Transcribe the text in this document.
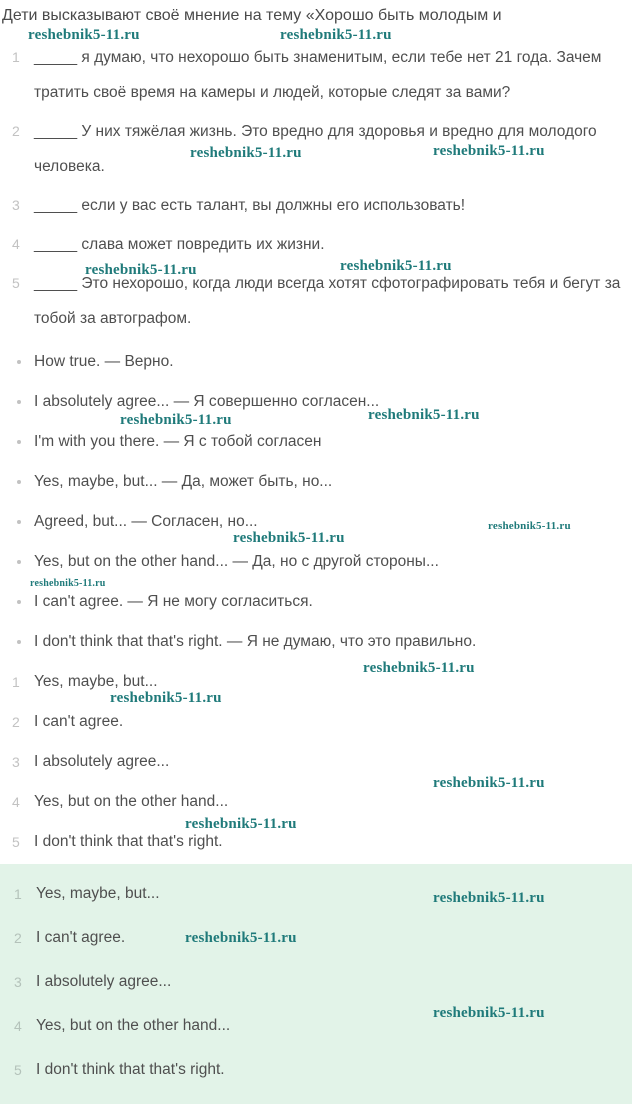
Дети высказывают своё мнение на тему «Хорошо быть молодым и
1 _____ я думаю, что нехорошо быть знаменитым, если тебе нет 21 года. Зачем тратить своё время на камеры и людей, которые следят за вами?
2 _____ У них тяжёлая жизнь. Это вредно для здоровья и вредно для молодого человека.
3 _____ если у вас есть талант, вы должны его использовать!
4 _____ слава может повредить их жизни.
5 _____ Это нехорошо, когда люди всегда хотят сфотографировать тебя и бегут за тобой за автографом.
How true. — Верно.
I absolutely agree... — Я совершенно согласен...
I'm with you there. — Я с тобой согласен
Yes, maybe, but... — Да, может быть, но...
Agreed, but... — Согласен, но...
Yes, but on the other hand... — Да, но с другой стороны...
I can't agree. — Я не могу согласиться.
I don't think that that's right. — Я не думаю, что это правильно.
1 Yes, maybe, but...
2 I can't agree.
3 I absolutely agree...
4 Yes, but on the other hand...
5 I don't think that that's right.
1 Yes, maybe, but...
2 I can't agree.
3 I absolutely agree...
4 Yes, but on the other hand...
5 I don't think that that's right.
reshebnik5-11.ru	reshebnik5-11.ru
reshebnik5-11.ru	reshebnik5-11.ru
reshebnik5-11.ru	reshebnik5-11.ru
reshebnik5-11.ru	reshebnik5-11.ru
reshebnik5-11.ru
reshebnik5-11.ru
reshebnik5-11.ru
reshebnik5-11.ru
reshebnik5-11.ru
reshebnik5-11.ru
reshebnik5-11.ru
reshebnik5-11.ru
reshebnik5-11.ru
reshebnik5-11.ru
